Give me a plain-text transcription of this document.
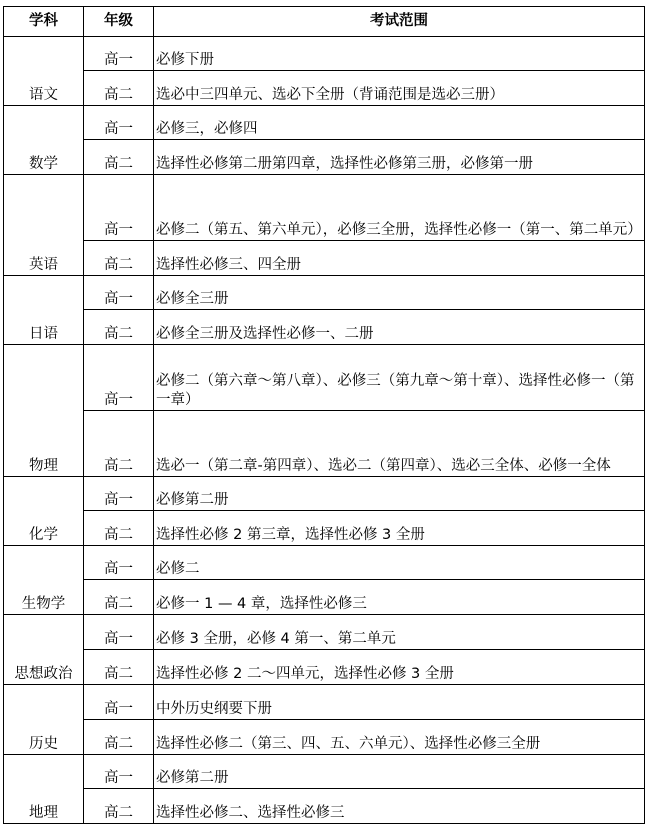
学科	年级	考试范围
语文	高一	必修下册
	高二	选必中三四单元、选必下全册（背诵范围是选必三册）
数学	高一	必修三，必修四
	高二	选择性必修第二册第四章，选择性必修第三册，必修第一册
英语	高一	必修二（第五、第六单元），必修三全册，选择性必修一（第一、第二单元）
	高二	选择性必修三、四全册
日语	高一	必修全三册
	高二	必修全三册及选择性必修一、二册
物理	高一	必修二（第六章～第八章）、必修三（第九章～第十章）、选择性必修一（第一章）
	高二	选必一（第二章-第四章）、选必二（第四章）、选必三全体、必修一全体
化学	高一	必修第二册
	高二	选择性必修 2 第三章，选择性必修 3 全册
生物学	高一	必修二
	高二	必修一 1 — 4 章，选择性必修三
思想政治	高一	必修 3 全册，必修 4 第一、第二单元
	高二	选择性必修 2 二～四单元，选择性必修 3 全册
历史	高一	中外历史纲要下册
	高二	选择性必修二（第三、四、五、六单元）、选择性必修三全册
地理	高一	必修第二册
	高二	选择性必修二、选择性必修三
